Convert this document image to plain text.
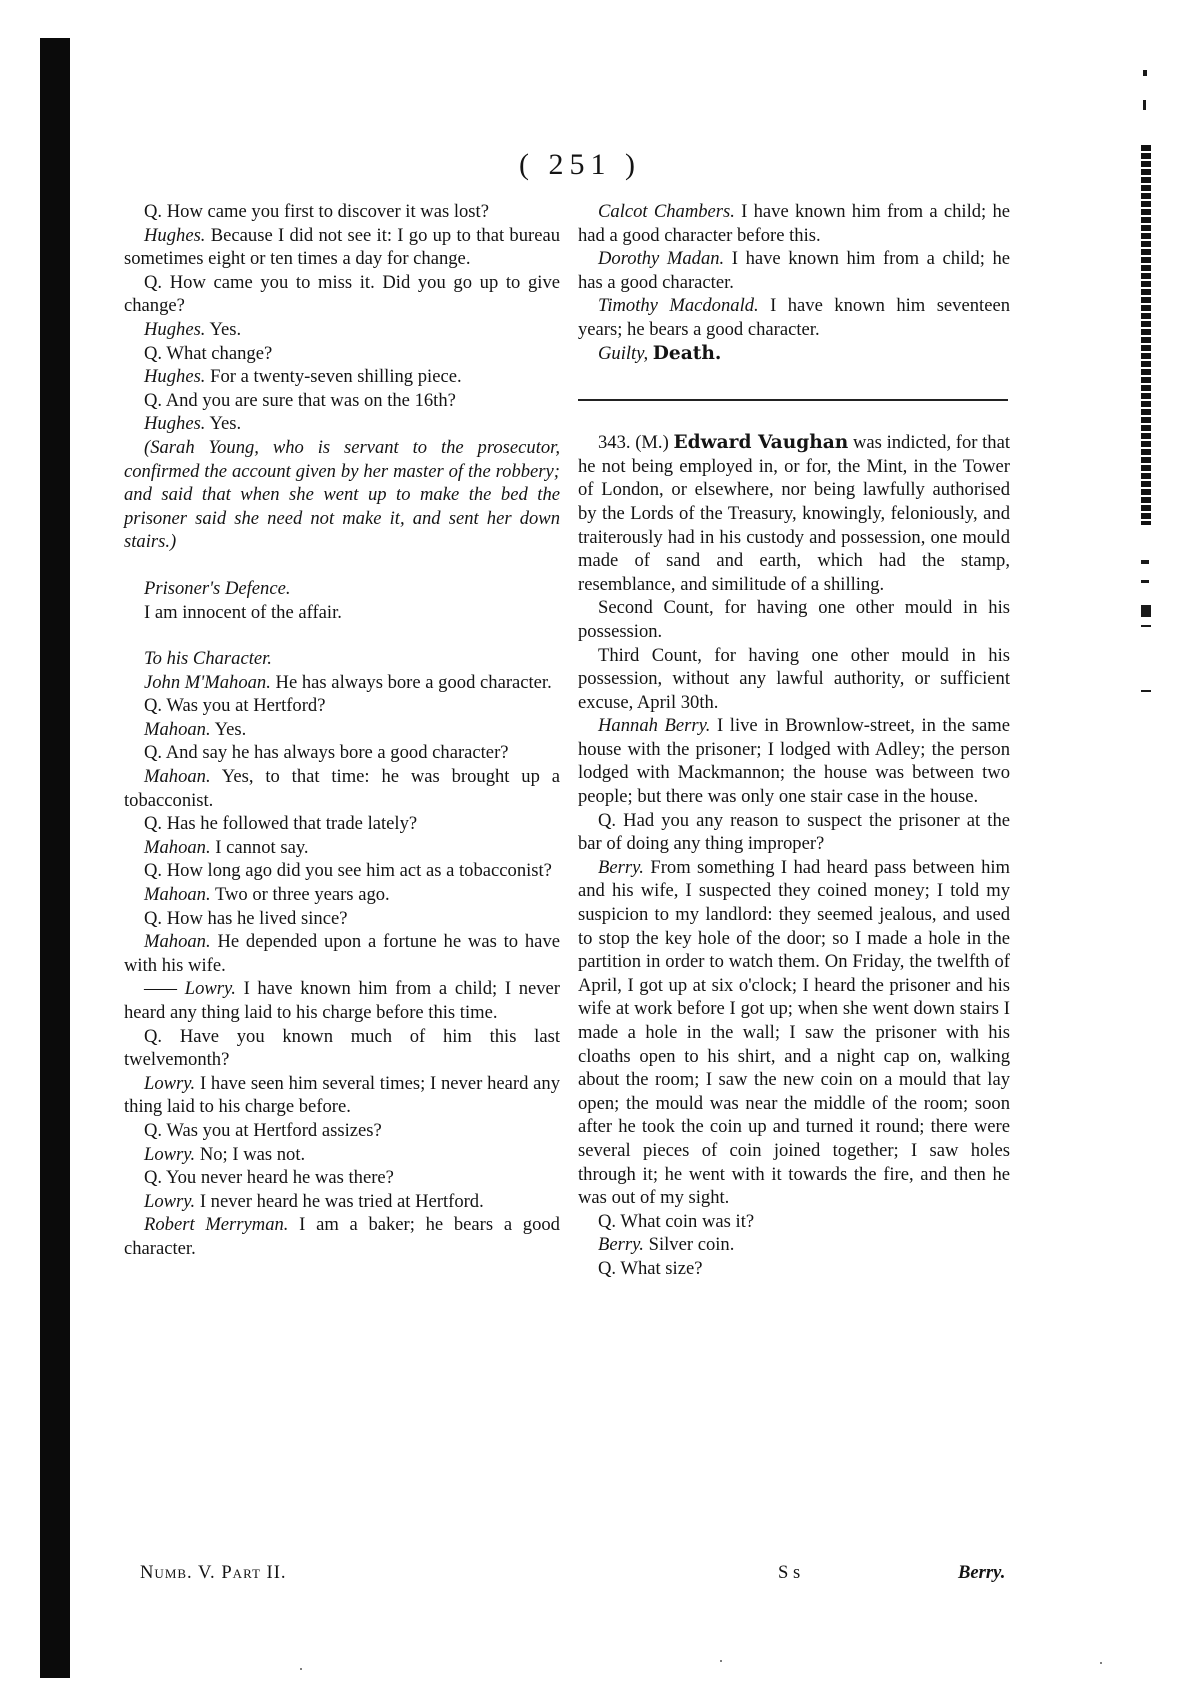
( 251 )

Q. How came you first to discover it was lost?

Hughes. Because I did not see it: I go up to that bureau sometimes eight or ten times a day for change.

Q. How came you to miss it. Did you go up to give change?

Hughes. Yes.

Q. What change?

Hughes. For a twenty-seven shilling piece.

Q. And you are sure that was on the 16th?

Hughes. Yes.

(Sarah Young, who is servant to the prosecutor, confirmed the account given by her master of the robbery; and said that when she went up to make the bed the prisoner said she need not make it, and sent her down stairs.)

Prisoner's Defence.

I am innocent of the affair.

To his Character.

John M'Mahoan. He has always bore a good character.

Q. Was you at Hertford?

Mahoan. Yes.

Q. And say he has always bore a good character?

Mahoan. Yes, to that time: he was brought up a tobacconist.

Q. Has he followed that trade lately?

Mahoan. I cannot say.

Q. How long ago did you see him act as a tobacconist?

Mahoan. Two or three years ago.

Q. How has he lived since?

Mahoan. He depended upon a fortune he was to have with his wife.

—— Lowry. I have known him from a child; I never heard any thing laid to his charge before this time.

Q. Have you known much of him this last twelvemonth?

Lowry. I have seen him several times; I never heard any thing laid to his charge before.

Q. Was you at Hertford assizes?

Lowry. No; I was not.

Q. You never heard he was there?

Lowry. I never heard he was tried at Hertford.

Robert Merryman. I am a baker; he bears a good character.

Calcot Chambers. I have known him from a child; he had a good character before this.

Dorothy Madan. I have known him from a child; he has a good character.

Timothy Macdonald. I have known him seventeen years; he bears a good character.

Guilty, Death.

343. (M.) Edward Vaughan was indicted, for that he not being employed in, or for, the Mint, in the Tower of London, or elsewhere, nor being lawfully authorised by the Lords of the Treasury, knowingly, feloniously, and traiterously had in his custody and possession, one mould made of sand and earth, which had the stamp, resemblance, and similitude of a shilling.

Second Count, for having one other mould in his possession.

Third Count, for having one other mould in his possession, without any lawful authority, or sufficient excuse, April 30th.

Hannah Berry. I live in Brownlow-street, in the same house with the prisoner; I lodged with Adley; the person lodged with Mackmannon; the house was between two people; but there was only one stair case in the house.

Q. Had you any reason to suspect the prisoner at the bar of doing any thing improper?

Berry. From something I had heard pass between him and his wife, I suspected they coined money; I told my suspicion to my landlord: they seemed jealous, and used to stop the key hole of the door; so I made a hole in the partition in order to watch them. On Friday, the twelfth of April, I got up at six o'clock; I heard the prisoner and his wife at work before I got up; when she went down stairs I made a hole in the wall; I saw the prisoner with his cloaths open to his shirt, and a night cap on, walking about the room; I saw the new coin on a mould that lay open; the mould was near the middle of the room; soon after he took the coin up and turned it round; there were several pieces of coin joined together; I saw holes through it; he went with it towards the fire, and then he was out of my sight.

Q. What coin was it?

Berry. Silver coin.

Q. What size?

Numb. V. Part II.	S s	Berry.
